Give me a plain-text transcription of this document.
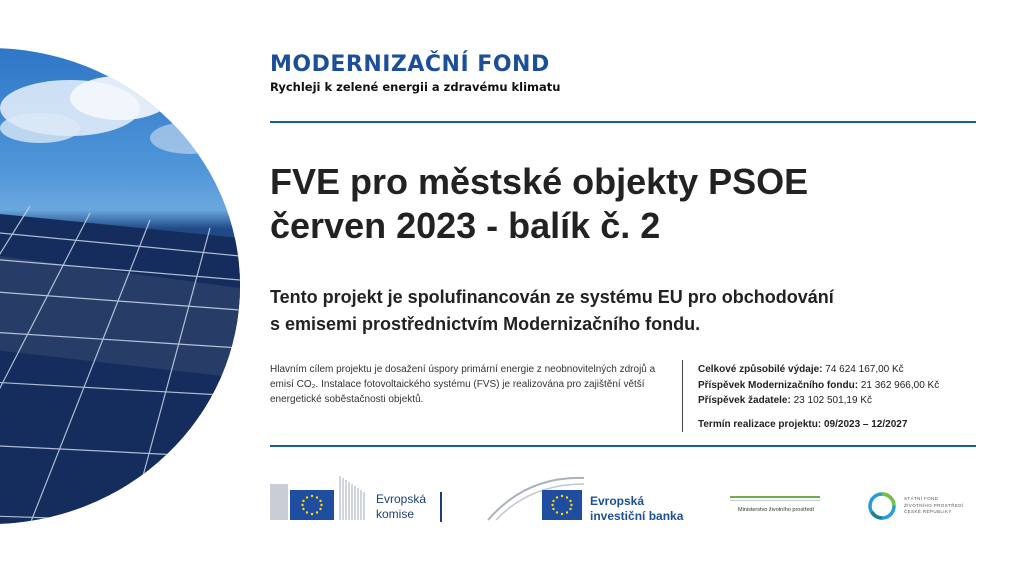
MODERNIZAČNÍ FOND
Rychleji k zelené energii a zdravému klimatu
FVE pro městské objekty PSOE
červen 2023 - balík č. 2
Tento projekt je spolufinancován ze systému EU pro obchodování
s emisemi prostřednictvím Modernizačního fondu.
Hlavním cílem projektu je dosažení úspory primární energie z neobnovitelných zdrojů a emisí CO₂. Instalace fotovoltaického systému (FVS) je realizována pro zajištění větší energetické soběstačnosti objektů.
Celkové způsobilé výdaje: 74 624 167,00 Kč
Příspěvek Modernizačního fondu: 21 362 966,00 Kč
Příspěvek žadatele: 23 102 501,19 Kč
Termín realizace projektu: 09/2023 – 12/2027
Evropská
komise
Evropská
investiční banka	Ministerstvo životního prostředí
STÁTNÍ FOND
ŽIVOTNÍHO PROSTŘEDÍ
ČESKÉ REPUBLIKY
